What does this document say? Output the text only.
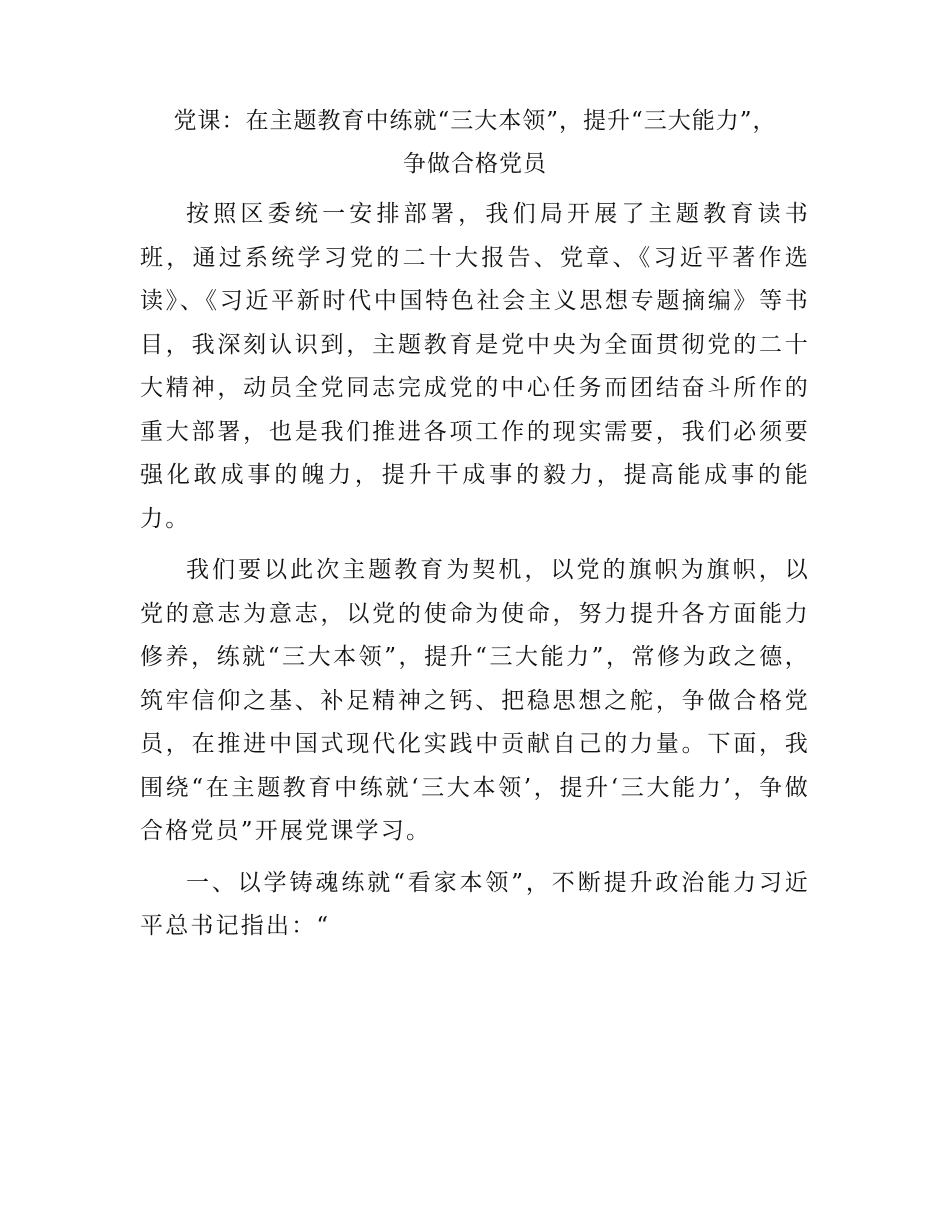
党课：在主题教育中练就“三大本领”，提升“三大能力”，
争做合格党员

按照区委统一安排部署，我们局开展了主题教育读书班，通过系统学习党的二十大报告、党章、《习近平著作选读》、《习近平新时代中国特色社会主义思想专题摘编》等书目，我深刻认识到，主题教育是党中央为全面贯彻党的二十大精神，动员全党同志完成党的中心任务而团结奋斗所作的重大部署，也是我们推进各项工作的现实需要，我们必须要强化敢成事的魄力，提升干成事的毅力，提高能成事的能力。

我们要以此次主题教育为契机，以党的旗帜为旗帜，以党的意志为意志，以党的使命为使命，努力提升各方面能力修养，练就“三大本领”，提升“三大能力”，常修为政之德，筑牢信仰之基、补足精神之钙、把稳思想之舵，争做合格党员，在推进中国式现代化实践中贡献自己的力量。下面，我围绕“在主题教育中练就‘三大本领’，提升‘三大能力’，争做合格党员”开展党课学习。

一、以学铸魂练就“看家本领”，不断提升政治能力习近平总书记指出：“
